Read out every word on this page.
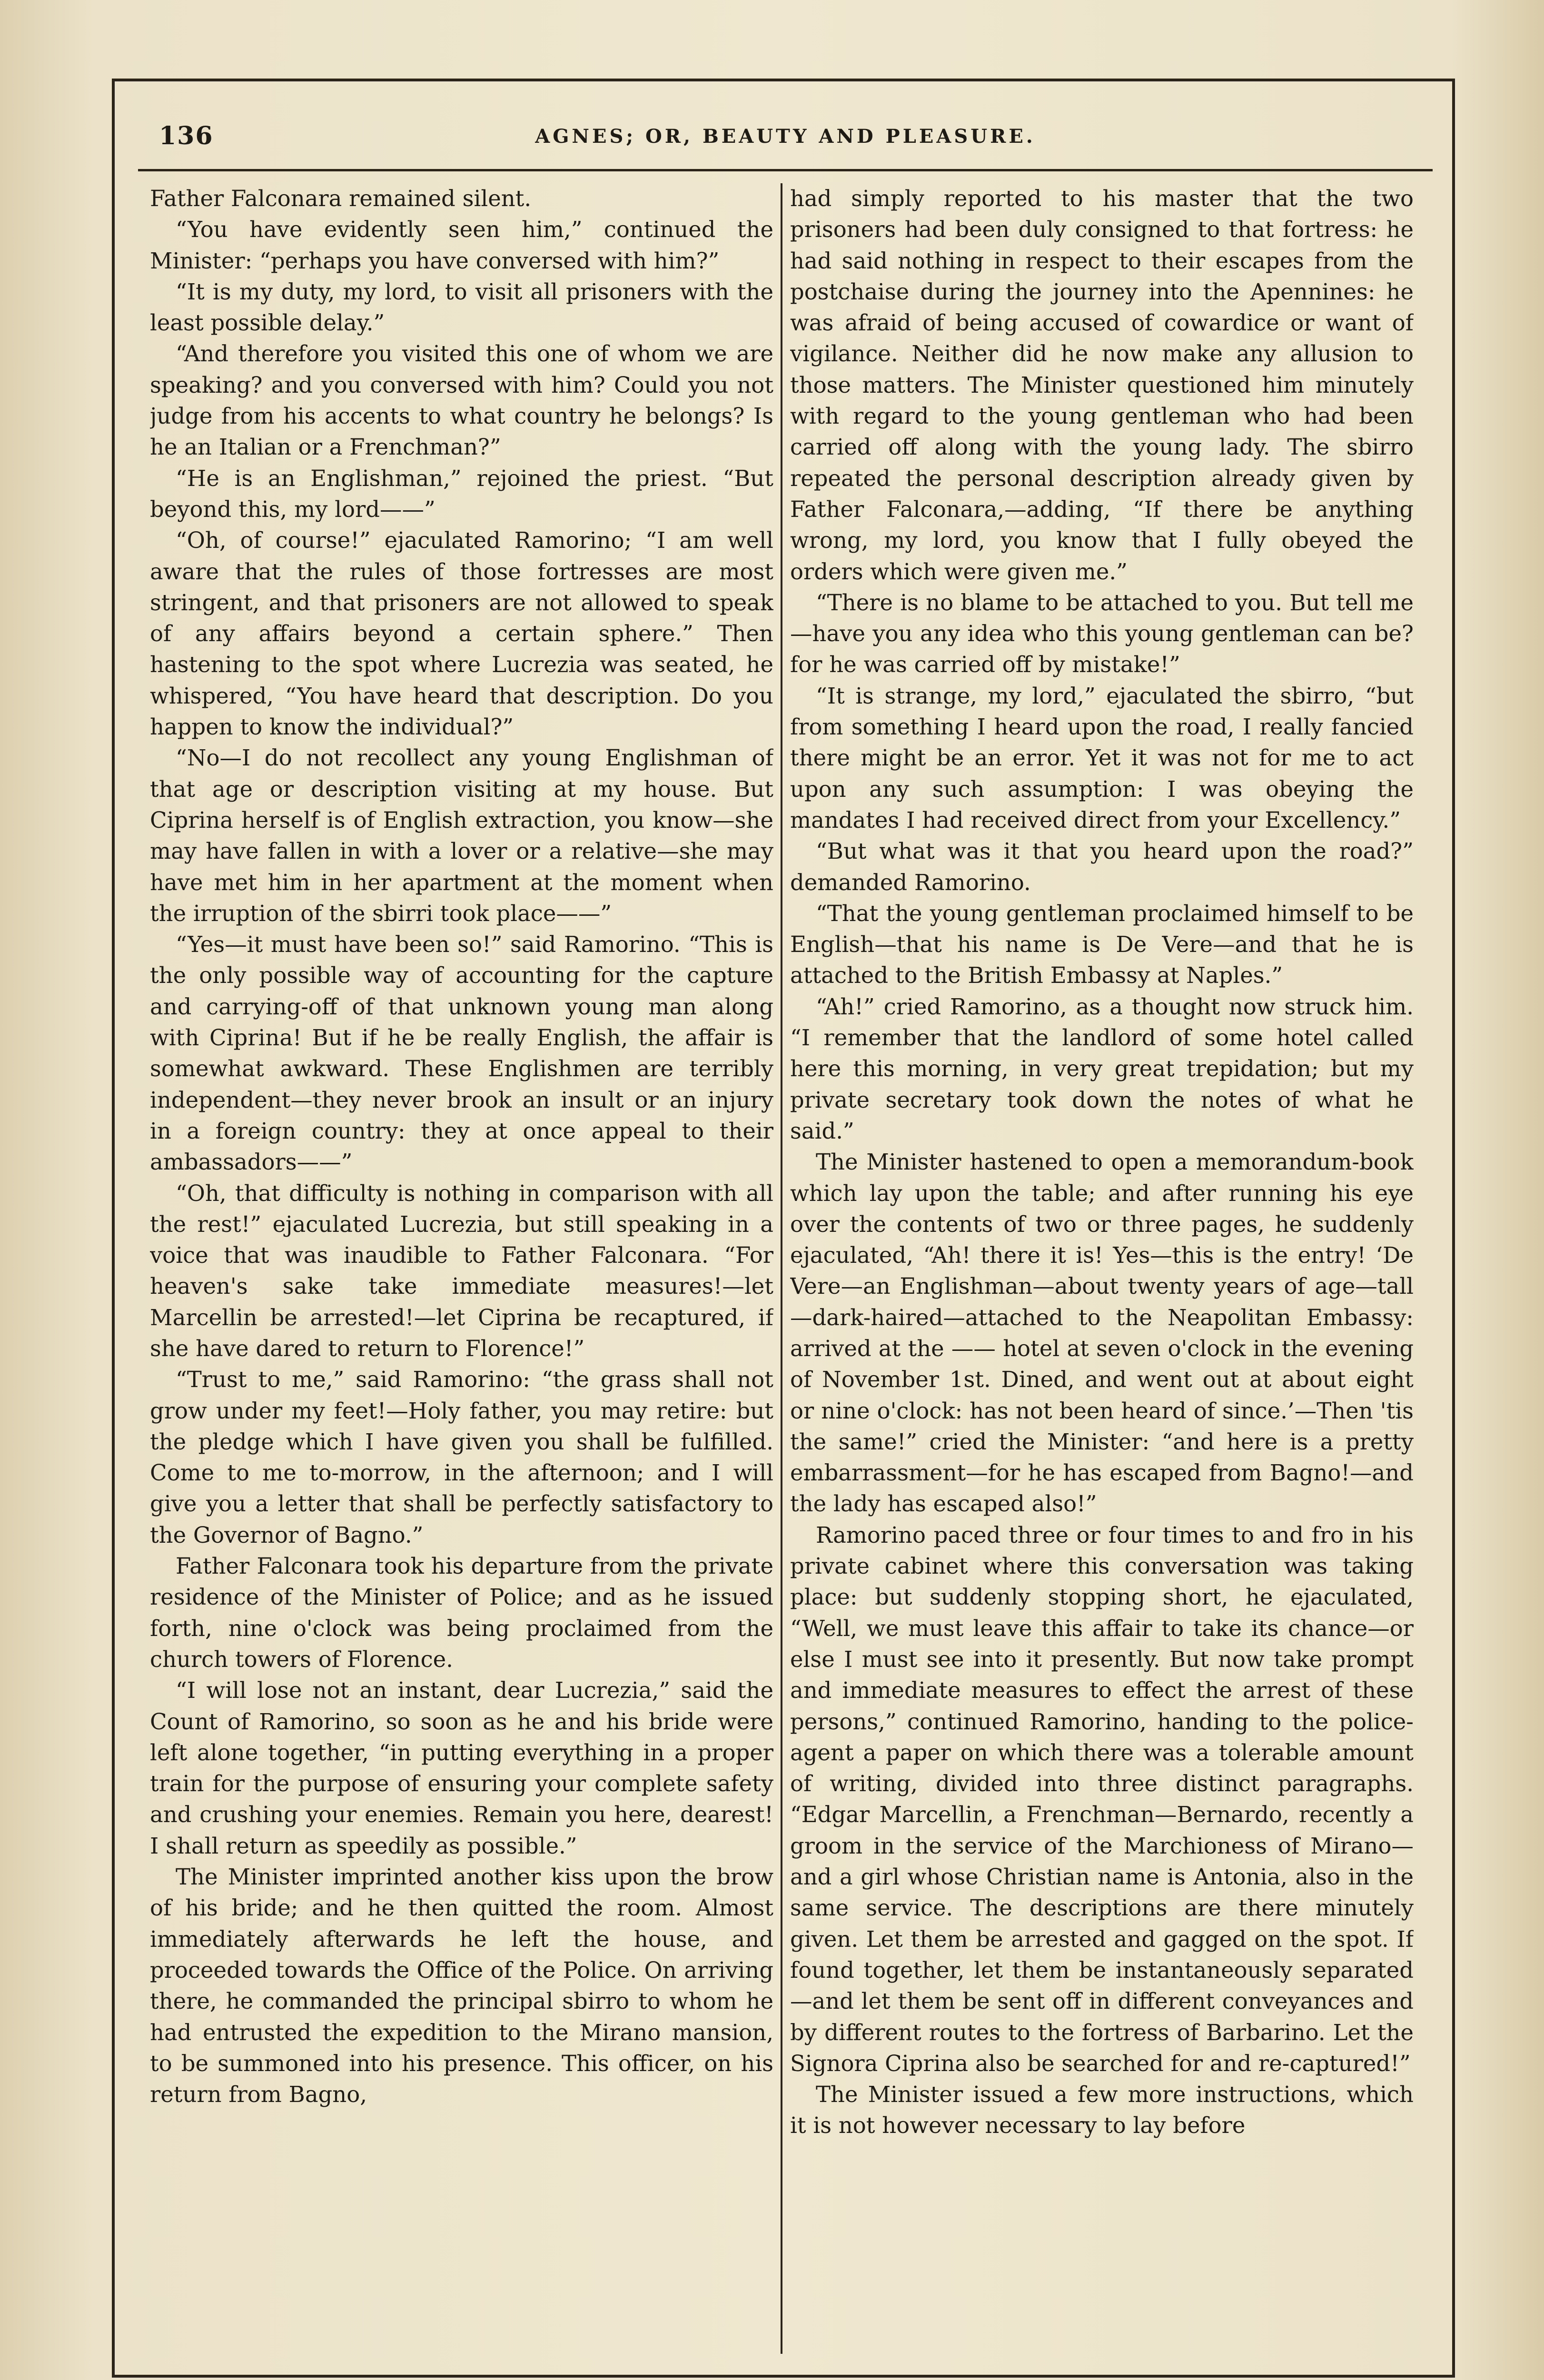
136	AGNES; OR, BEAUTY AND PLEASURE.

Father Falconara remained silent.

“You have evidently seen him,” continued the Minister: “perhaps you have conversed with him?”

“It is my duty, my lord, to visit all prisoners with the least possible delay.”

“And therefore you visited this one of whom we are speaking? and you conversed with him? Could you not judge from his accents to what country he belongs? Is he an Italian or a Frenchman?”

“He is an Englishman,” rejoined the priest. “But beyond this, my lord——”

“Oh, of course!” ejaculated Ramorino; “I am well aware that the rules of those fortresses are most stringent, and that prisoners are not allowed to speak of any affairs beyond a certain sphere.” Then hastening to the spot where Lucrezia was seated, he whispered, “You have heard that description. Do you happen to know the individual?”

“No—I do not recollect any young Englishman of that age or description visiting at my house. But Ciprina herself is of English extraction, you know—she may have fallen in with a lover or a relative—she may have met him in her apartment at the moment when the irruption of the sbirri took place——”

“Yes—it must have been so!” said Ramorino. “This is the only possible way of accounting for the capture and carrying-off of that unknown young man along with Ciprina! But if he be really English, the affair is somewhat awkward. These Englishmen are terribly independent—they never brook an insult or an injury in a foreign country: they at once appeal to their ambassadors——”

“Oh, that difficulty is nothing in comparison with all the rest!” ejaculated Lucrezia, but still speaking in a voice that was inaudible to Father Falconara. “For heaven's sake take immediate measures!—let Marcellin be arrested!—let Ciprina be recaptured, if she have dared to return to Florence!”

“Trust to me,” said Ramorino: “the grass shall not grow under my feet!—Holy father, you may retire: but the pledge which I have given you shall be fulfilled. Come to me to-morrow, in the afternoon; and I will give you a letter that shall be perfectly satisfactory to the Governor of Bagno.”

Father Falconara took his departure from the private residence of the Minister of Police; and as he issued forth, nine o'clock was being proclaimed from the church towers of Florence.

“I will lose not an instant, dear Lucrezia,” said the Count of Ramorino, so soon as he and his bride were left alone together, “in putting everything in a proper train for the purpose of ensuring your complete safety and crushing your enemies. Remain you here, dearest! I shall return as speedily as possible.”

The Minister imprinted another kiss upon the brow of his bride; and he then quitted the room. Almost immediately afterwards he left the house, and proceeded towards the Office of the Police. On arriving there, he commanded the principal sbirro to whom he had entrusted the expedition to the Mirano mansion, to be summoned into his presence. This officer, on his return from Bagno,

had simply reported to his master that the two prisoners had been duly consigned to that fortress: he had said nothing in respect to their escapes from the postchaise during the journey into the Apennines: he was afraid of being accused of cowardice or want of vigilance. Neither did he now make any allusion to those matters. The Minister questioned him minutely with regard to the young gentleman who had been carried off along with the young lady. The sbirro repeated the personal description already given by Father Falconara,—adding, “If there be anything wrong, my lord, you know that I fully obeyed the orders which were given me.”

“There is no blame to be attached to you. But tell me—have you any idea who this young gentleman can be? for he was carried off by mistake!”

“It is strange, my lord,” ejaculated the sbirro, “but from something I heard upon the road, I really fancied there might be an error. Yet it was not for me to act upon any such assumption: I was obeying the mandates I had received direct from your Excellency.”

“But what was it that you heard upon the road?” demanded Ramorino.

“That the young gentleman proclaimed himself to be English—that his name is De Vere—and that he is attached to the British Embassy at Naples.”

“Ah!” cried Ramorino, as a thought now struck him. “I remember that the landlord of some hotel called here this morning, in very great trepidation; but my private secretary took down the notes of what he said.”

The Minister hastened to open a memorandum-book which lay upon the table; and after running his eye over the contents of two or three pages, he suddenly ejaculated, “Ah! there it is! Yes—this is the entry! ‘De Vere—an Englishman—about twenty years of age—tall—dark-haired—attached to the Neapolitan Embassy: arrived at the —— hotel at seven o'clock in the evening of November 1st. Dined, and went out at about eight or nine o'clock: has not been heard of since.’—Then 'tis the same!” cried the Minister: “and here is a pretty embarrassment—for he has escaped from Bagno!—and the lady has escaped also!”

Ramorino paced three or four times to and fro in his private cabinet where this conversation was taking place: but suddenly stopping short, he ejaculated, “Well, we must leave this affair to take its chance—or else I must see into it presently. But now take prompt and immediate measures to effect the arrest of these persons,” continued Ramorino, handing to the police-agent a paper on which there was a tolerable amount of writing, divided into three distinct paragraphs. “Edgar Marcellin, a Frenchman—Bernardo, recently a groom in the service of the Marchioness of Mirano—and a girl whose Christian name is Antonia, also in the same service. The descriptions are there minutely given. Let them be arrested and gagged on the spot. If found together, let them be instantaneously separated—and let them be sent off in different conveyances and by different routes to the fortress of Barbarino. Let the Signora Ciprina also be searched for and re-captured!”

The Minister issued a few more instructions, which it is not however necessary to lay before
